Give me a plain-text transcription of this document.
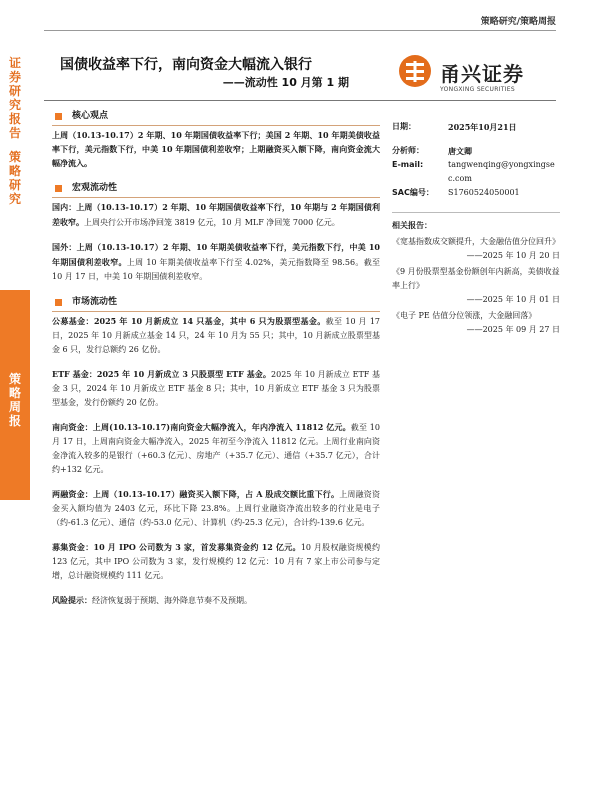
策略研究/策略周报
证
券
研
究
报
告
策
略
研
究
策
略
周
报
国债收益率下行，南向资金大幅流入银行
——流动性 10 月第 1 期	甬兴证券
YONGXING SECURITIES
核心观点

上周（10.13-10.17）2 年期、10 年期国债收益率下行；美国 2 年期、10 年期美债收益率下行，美元指数下行，中美 10 年期国债利差收窄；上期融资买入额下降，南向资金流大幅净流入。

宏观流动性

国内：上周（10.13-10.17）2 年期、10 年期国债收益率下行，10 年期与 2 年期国债利差收窄。上周央行公开市场净回笼 3819 亿元，10 月 MLF 净回笼 7000 亿元。

国外：上周（10.13-10.17）2 年期、10 年期美债收益率下行，美元指数下行，中美 10 年期国债利差收窄。上周 10 年期美债收益率下行至 4.02%，美元指数降至 98.56。截至 10 月 17 日，中美 10 年期国债利差收窄。

市场流动性

公募基金：2025 年 10 月新成立 14 只基金，其中 6 只为股票型基金。截至 10 月 17 日，2025 年 10 月新成立基金 14 只，24 年 10 月为 55 只；其中，10 月新成立股票型基金 6 只，发行总额约 26 亿份。

ETF 基金：2025 年 10 月新成立 3 只股票型 ETF 基金。2025 年 10 月新成立 ETF 基金 3 只，2024 年 10 月新成立 ETF 基金 8 只；其中，10 月新成立 ETF 基金 3 只为股票型基金，发行份额约 20 亿份。

南向资金：上周(10.13-10.17)南向资金大幅净流入，年内净流入 11812 亿元。截至 10 月 17 日，上周南向资金大幅净流入，2025 年初至今净流入 11812 亿元。上周行业南向资金净流入较多的是银行（+60.3 亿元）、房地产（+35.7 亿元）、通信（+35.7 亿元），合计约+132 亿元。

两融资金：上周（10.13-10.17）融资买入额下降，占 A 股成交额比重下行。上周融资资金买入额均值为 2403 亿元，环比下降 23.8%。上周行业融资净流出较多的行业是电子（约-61.3 亿元）、通信（约-53.0 亿元）、计算机（约-25.3 亿元），合计约-139.6 亿元。

募集资金：10 月 IPO 公司数为 3 家，首发募集资金约 12 亿元。10 月股权融资规模约 123 亿元，其中 IPO 公司数为 3 家，发行规模约 12 亿元：10 月有 7 家上市公司参与定增，总计融资规模约 111 亿元。

风险提示：经济恢复弱于预期、海外降息节奏不及预期。

日期：	2025年10月21日
分析师：	唐文卿
E-mail:	tangwenqing@yongxingsec.com
SAC编号：	S1760524050001
相关报告：
《宽基指数成交额提升，大金融估值分位回升》
——2025 年 10 月 20 日
《9 月份股票型基金份额创年内新高，美债收益率上行》
——2025 年 10 月 01 日
《电子 PE 估值分位领涨，大金融回落》
——2025 年 09 月 27 日
